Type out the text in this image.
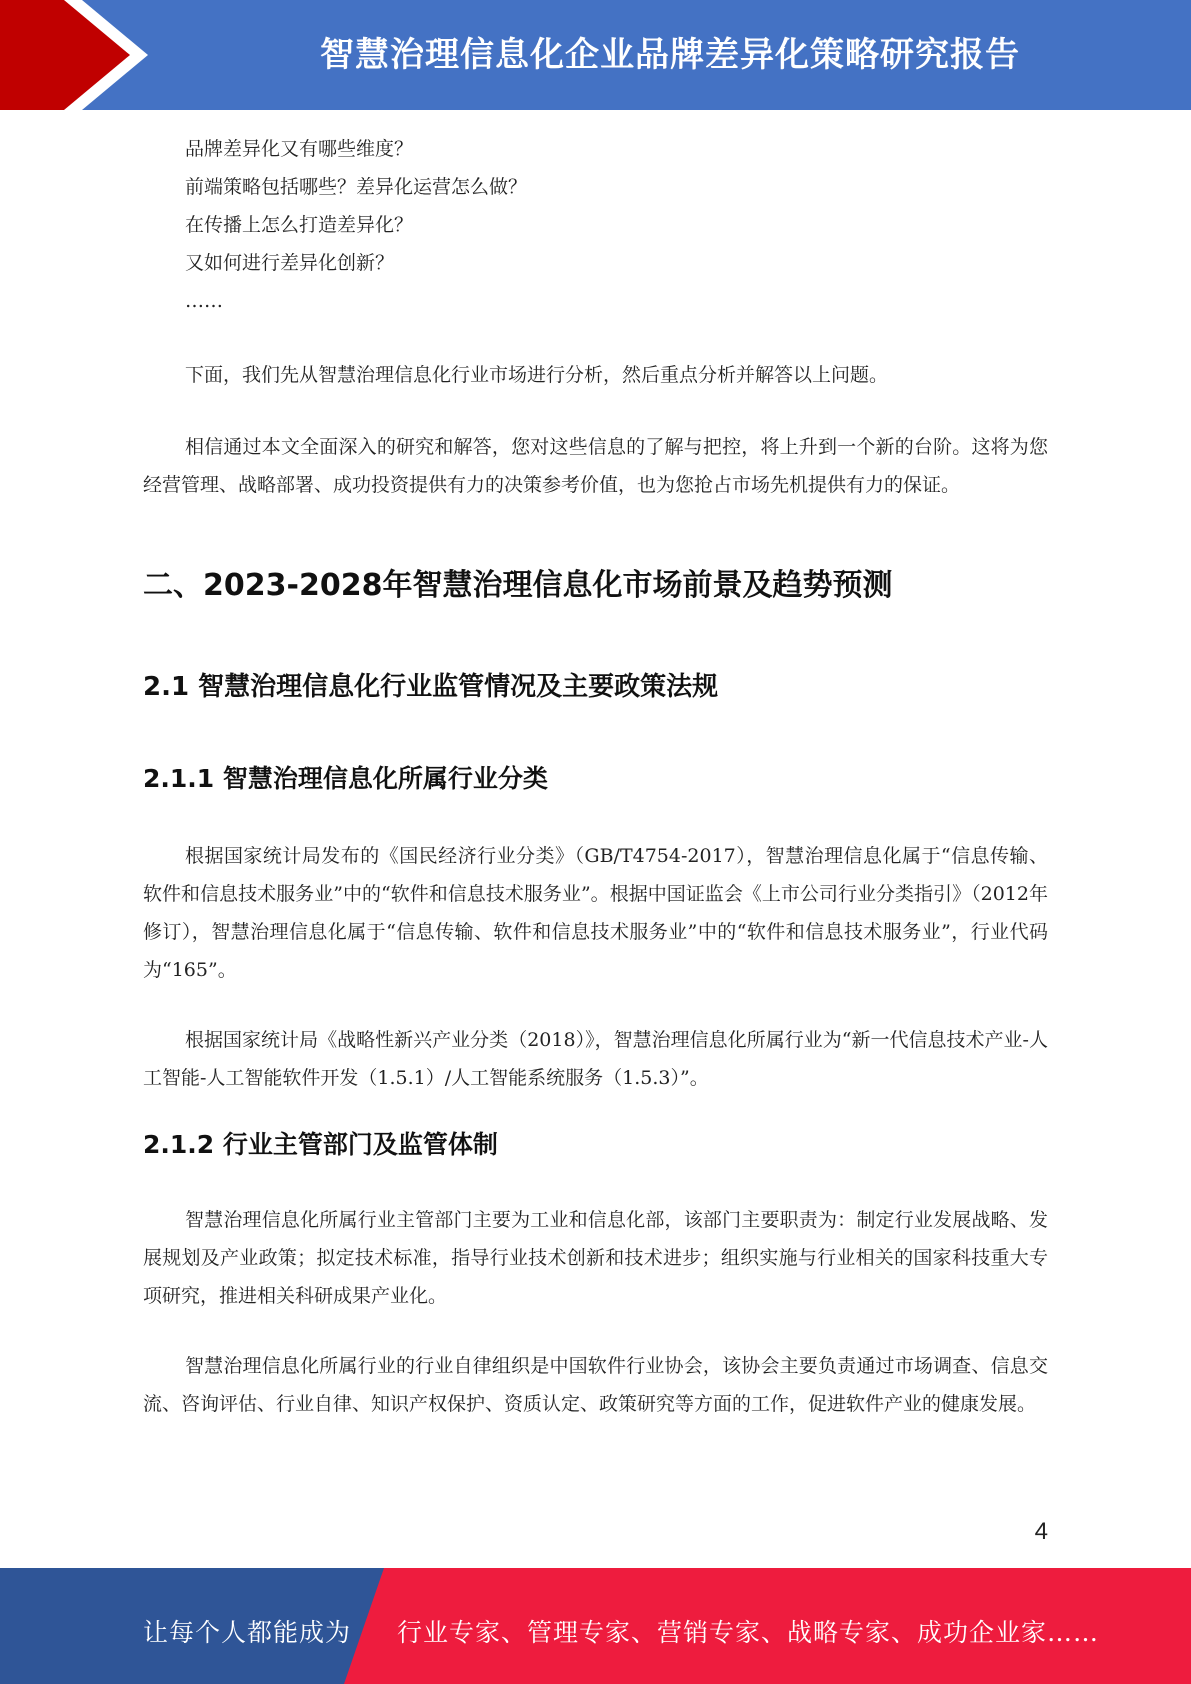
智慧治理信息化企业品牌差异化策略研究报告

品牌差异化又有哪些维度？

前端策略包括哪些？差异化运营怎么做？

在传播上怎么打造差异化？

又如何进行差异化创新？

……

下面，我们先从智慧治理信息化行业市场进行分析，然后重点分析并解答以上问题。

相信通过本文全面深入的研究和解答，您对这些信息的了解与把控，将上升到一个新的台阶。这将为您经营管理、战略部署、成功投资提供有力的决策参考价值，也为您抢占市场先机提供有力的保证。

二、2023-2028年智慧治理信息化市场前景及趋势预测
2.1 智慧治理信息化行业监管情况及主要政策法规
2.1.1 智慧治理信息化所属行业分类

根据国家统计局发布的《国民经济行业分类》（GB/T4754-2017），智慧治理信息化属于“信息传输、软件和信息技术服务业”中的“软件和信息技术服务业”。根据中国证监会《上市公司行业分类指引》（2012年修订），智慧治理信息化属于“信息传输、软件和信息技术服务业”中的“软件和信息技术服务业”，行业代码为“165”。

根据国家统计局《战略性新兴产业分类（2018）》，智慧治理信息化所属行业为“新一代信息技术产业-人工智能-人工智能软件开发（1.5.1）/人工智能系统服务（1.5.3）”。

2.1.2 行业主管部门及监管体制

智慧治理信息化所属行业主管部门主要为工业和信息化部，该部门主要职责为：制定行业发展战略、发展规划及产业政策；拟定技术标准，指导行业技术创新和技术进步；组织实施与行业相关的国家科技重大专项研究，推进相关科研成果产业化。

智慧治理信息化所属行业的行业自律组织是中国软件行业协会，该协会主要负责通过市场调查、信息交流、咨询评估、行业自律、知识产权保护、资质认定、政策研究等方面的工作，促进软件产业的健康发展。

4
让每个人都能成为 行业专家、管理专家、营销专家、战略专家、成功企业家……
